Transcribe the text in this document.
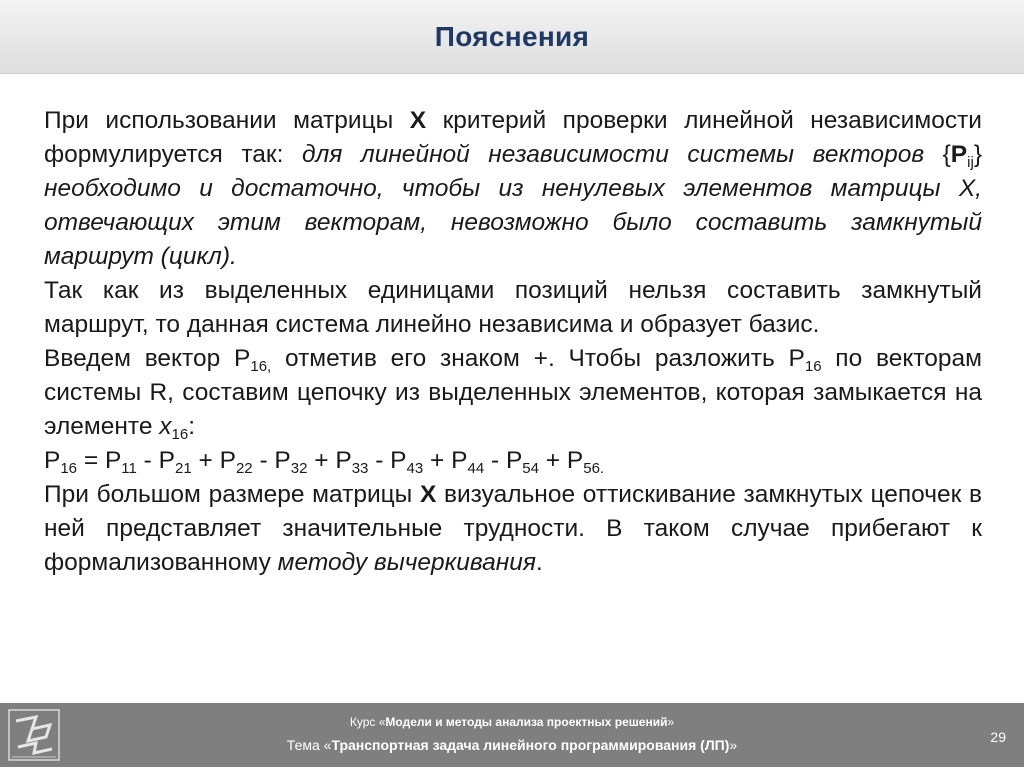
Пояснения

При использовании матрицы Х критерий проверки линейной независимости формулируется так: для линейной независимости системы векторов $\{P_{ij}\}$ необходимо и достаточно, чтобы из ненулевых элементов матрицы X, отвечающих этим векторам, невозможно было составить замкнутый маршрут (цикл).

Так как из выделенных единицами позиций нельзя составить замкнутый маршрут, то данная система линейно независима и образует базис.

Введем вектор $P_{16,}$ отметив его знаком +. Чтобы разложить $P_{16}$ по векторам системы R, составим цепочку из выделенных элементов, которая замыкается на элементе $x_{16}$:

$P_{16} = P_{11} - P_{21} + P_{22} - P_{32} + P_{33} - P_{43} + P_{44} - P_{54} + P_{56.}$

При большом размере матрицы Х визуальное оттискивание замкнутых цепочек в ней представляет значительные трудности. В таком случае прибегают к формализованному методу вычеркивания.

Курс «Модели и методы анализа проектных решений»
Тема «Транспортная задача линейного программирования (ЛП)»	29
